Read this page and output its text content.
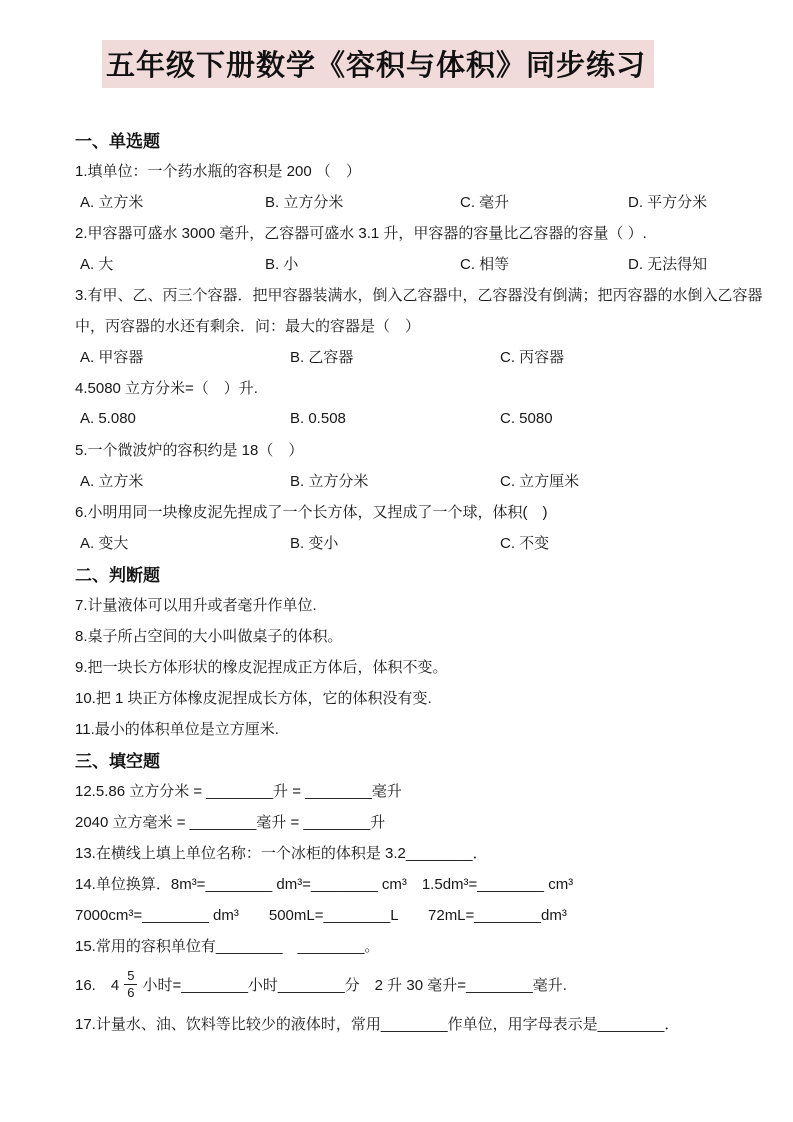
五年级下册数学《容积与体积》同步练习
一、单选题
1.填单位：一个药水瓶的容积是 200 （　）
A. 立方米	B. 立方分米	C. 毫升	D. 平方分米
2.甲容器可盛水 3000 毫升，乙容器可盛水 3.1 升，甲容器的容量比乙容器的容量（ ）.
A. 大	B. 小	C. 相等	D. 无法得知
3.有甲、乙、丙三个容器．把甲容器装满水，倒入乙容器中，乙容器没有倒满；把丙容器的水倒入乙容器
中，丙容器的水还有剩余．问：最大的容器是（　）
A. 甲容器	B. 乙容器	C. 丙容器
4.5080 立方分米=（　）升.
A. 5.080	B. 0.508	C. 5080
5.一个微波炉的容积约是 18（　）
A. 立方米	B. 立方分米	C. 立方厘米
6.小明用同一块橡皮泥先捏成了一个长方体，又捏成了一个球，体积(　)
A. 变大	B. 变小	C. 不变
二、判断题
7.计量液体可以用升或者毫升作单位.
8.桌子所占空间的大小叫做桌子的体积。
9.把一块长方体形状的橡皮泥捏成正方体后，体积不变。
10.把 1 块正方体橡皮泥捏成长方体，它的体积没有变.
11.最小的体积单位是立方厘米.
三、填空题
12.5.86 立方分米 = ________升 = ________毫升
2040 立方毫米 = ________毫升 = ________升
13.在横线上填上单位名称：一个冰柜的体积是 3.2________．
14.单位换算．8m³=________ dm³=________ cm³　1.5dm³=________ cm³
7000cm³=________ dm³　　500mL=________L　　72mL=________dm³
15.常用的容积单位有________　________。
16.　$4 \frac{5}{6}$ 小时=________小时________分　2 升 30 毫升=________毫升.
17.计量水、油、饮料等比较少的液体时，常用________作单位，用字母表示是________．
